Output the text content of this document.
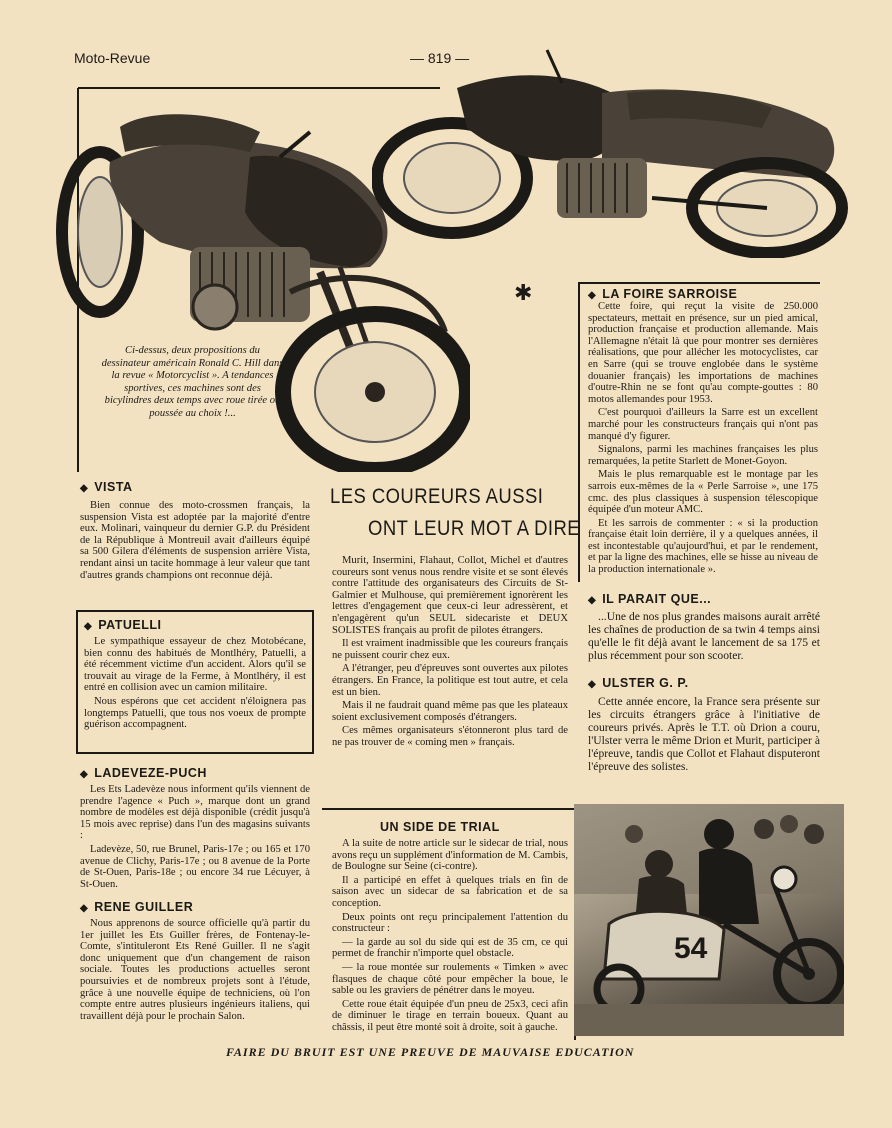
Moto-Revue	— 819 —
Ci-dessus, deux propositions du dessinateur américain Ronald C. Hill dans la revue « Motorcyclist ». A tendances sportives, ces machines sont des bicylindres deux temps avec roue tirée ou poussée au choix !...
✱
◆ VISTA

Bien connue des moto-crossmen français, la suspension Vista est adoptée par la majorité d'entre eux. Molinari, vainqueur du dernier G.P. du Président de la République à Montreuil avait d'ailleurs équipé sa 500 Gilera d'éléments de suspension arrière Vista, rendant ainsi un tacite hommage à leur valeur que tant d'autres grands champions ont reconnue déjà.

◆ PATUELLI

Le sympathique essayeur de chez Motobécane, bien connu des habitués de Montlhéry, Patuelli, a été récemment victime d'un accident. Alors qu'il se trouvait au virage de la Ferme, à Montlhéry, il est entré en collision avec un camion militaire.

Nous espérons que cet accident n'éloignera pas longtemps Patuelli, que tous nos voeux de prompte guérison accompagnent.

◆ LADEVEZE-PUCH

Les Ets Ladevèze nous informent qu'ils viennent de prendre l'agence « Puch », marque dont un grand nombre de modèles est déjà disponible (crédit jusqu'à 15 mois avec reprise) dans l'un des magasins suivants :

Ladevèze, 50, rue Brunel, Paris-17e ; ou 165 et 170 avenue de Clichy, Paris-17e ; ou 8 avenue de la Porte de St-Ouen, Paris-18e ; ou encore 34 rue Lécuyer, à St-Ouen.

◆ RENE GUILLER

Nous apprenons de source officielle qu'à partir du 1er juillet les Ets Guiller frères, de Fontenay-le-Comte, s'intituleront Ets René Guiller. Il ne s'agit donc uniquement que d'un changement de raison sociale. Toutes les productions actuelles seront poursuivies et de nombreux projets sont à l'étude, grâce à une nouvelle équipe de techniciens, où l'on compte entre autres plusieurs ingénieurs italiens, qui travaillent déjà pour le prochain Salon.

LES COUREURS AUSSI
ONT LEUR MOT A DIRE

Murit, Insermini, Flahaut, Collot, Michel et d'autres coureurs sont venus nous rendre visite et se sont élevés contre l'attitude des organisateurs des Circuits de St-Galmier et Mulhouse, qui premièrement ignorèrent les lettres d'engagement que ceux-ci leur adressèrent, et n'engagèrent qu'un SEUL sidecariste et DEUX SOLISTES français au profit de pilotes étrangers.

Il est vraiment inadmissible que les coureurs français ne puissent courir chez eux.

A l'étranger, peu d'épreuves sont ouvertes aux pilotes étrangers. En France, la politique est tout autre, et cela est un bien.

Mais il ne faudrait quand même pas que les plateaux soient exclusivement composés d'étrangers.

Ces mêmes organisateurs s'étonneront plus tard de ne pas trouver de « coming men » français.

UN SIDE DE TRIAL

A la suite de notre article sur le sidecar de trial, nous avons reçu un supplément d'information de M. Cambis, de Boulogne sur Seine (ci-contre).

Il a participé en effet à quelques trials en fin de saison avec un sidecar de sa fabrication et de sa conception.

Deux points ont reçu principalement l'attention du constructeur :

— la garde au sol du side qui est de 35 cm, ce qui permet de franchir n'importe quel obstacle.

— la roue montée sur roulements « Timken » avec flasques de chaque côté pour empêcher la boue, le sable ou les graviers de pénétrer dans le moyeu.

Cette roue était équipée d'un pneu de 25x3, ceci afin de diminuer le tirage en terrain boueux. Quant au châssis, il peut être monté soit à droite, soit à gauche.

◆ LA FOIRE SARROISE

Cette foire, qui reçut la visite de 250.000 spectateurs, mettait en présence, sur un pied amical, production française et production allemande. Mais l'Allemagne n'était là que pour montrer ses dernières réalisations, que pour allécher les motocyclistes, car en Sarre (qui se trouve englobée dans le système douanier français) les importations de machines d'outre-Rhin ne se font qu'au compte-gouttes : 80 motos allemandes pour 1953.

C'est pourquoi d'ailleurs la Sarre est un excellent marché pour les constructeurs français qui n'ont pas manqué d'y figurer.

Signalons, parmi les machines françaises les plus remarquées, la petite Starlett de Monet-Goyon.

Mais le plus remarquable est le montage par les sarrois eux-mêmes de la « Perle Sarroise », une 175 cmc. des plus classiques à suspension télescopique équipée d'un moteur AMC.

Et les sarrois de commenter : « si la production française était loin derrière, il y a quelques années, il est incontestable qu'aujourd'hui, et par le rendement, et par la ligne des machines, elle se hisse au niveau de la production internationale ».

◆ IL PARAIT QUE...

...Une de nos plus grandes maisons aurait arrêté les chaînes de production de sa twin 4 temps ainsi qu'elle le fit déjà avant le lancement de sa 175 et plus récemment pour son scooter.

◆ ULSTER G. P.

Cette année encore, la France sera présente sur les circuits étrangers grâce à l'initiative de coureurs privés. Après le T.T. où Drion a couru, l'Ulster verra le même Drion et Murit, participer à l'épreuve, tandis que Collot et Flahaut disputeront l'épreuve des solistes.

54
FAIRE DU BRUIT EST UNE PREUVE DE MAUVAISE EDUCATION
